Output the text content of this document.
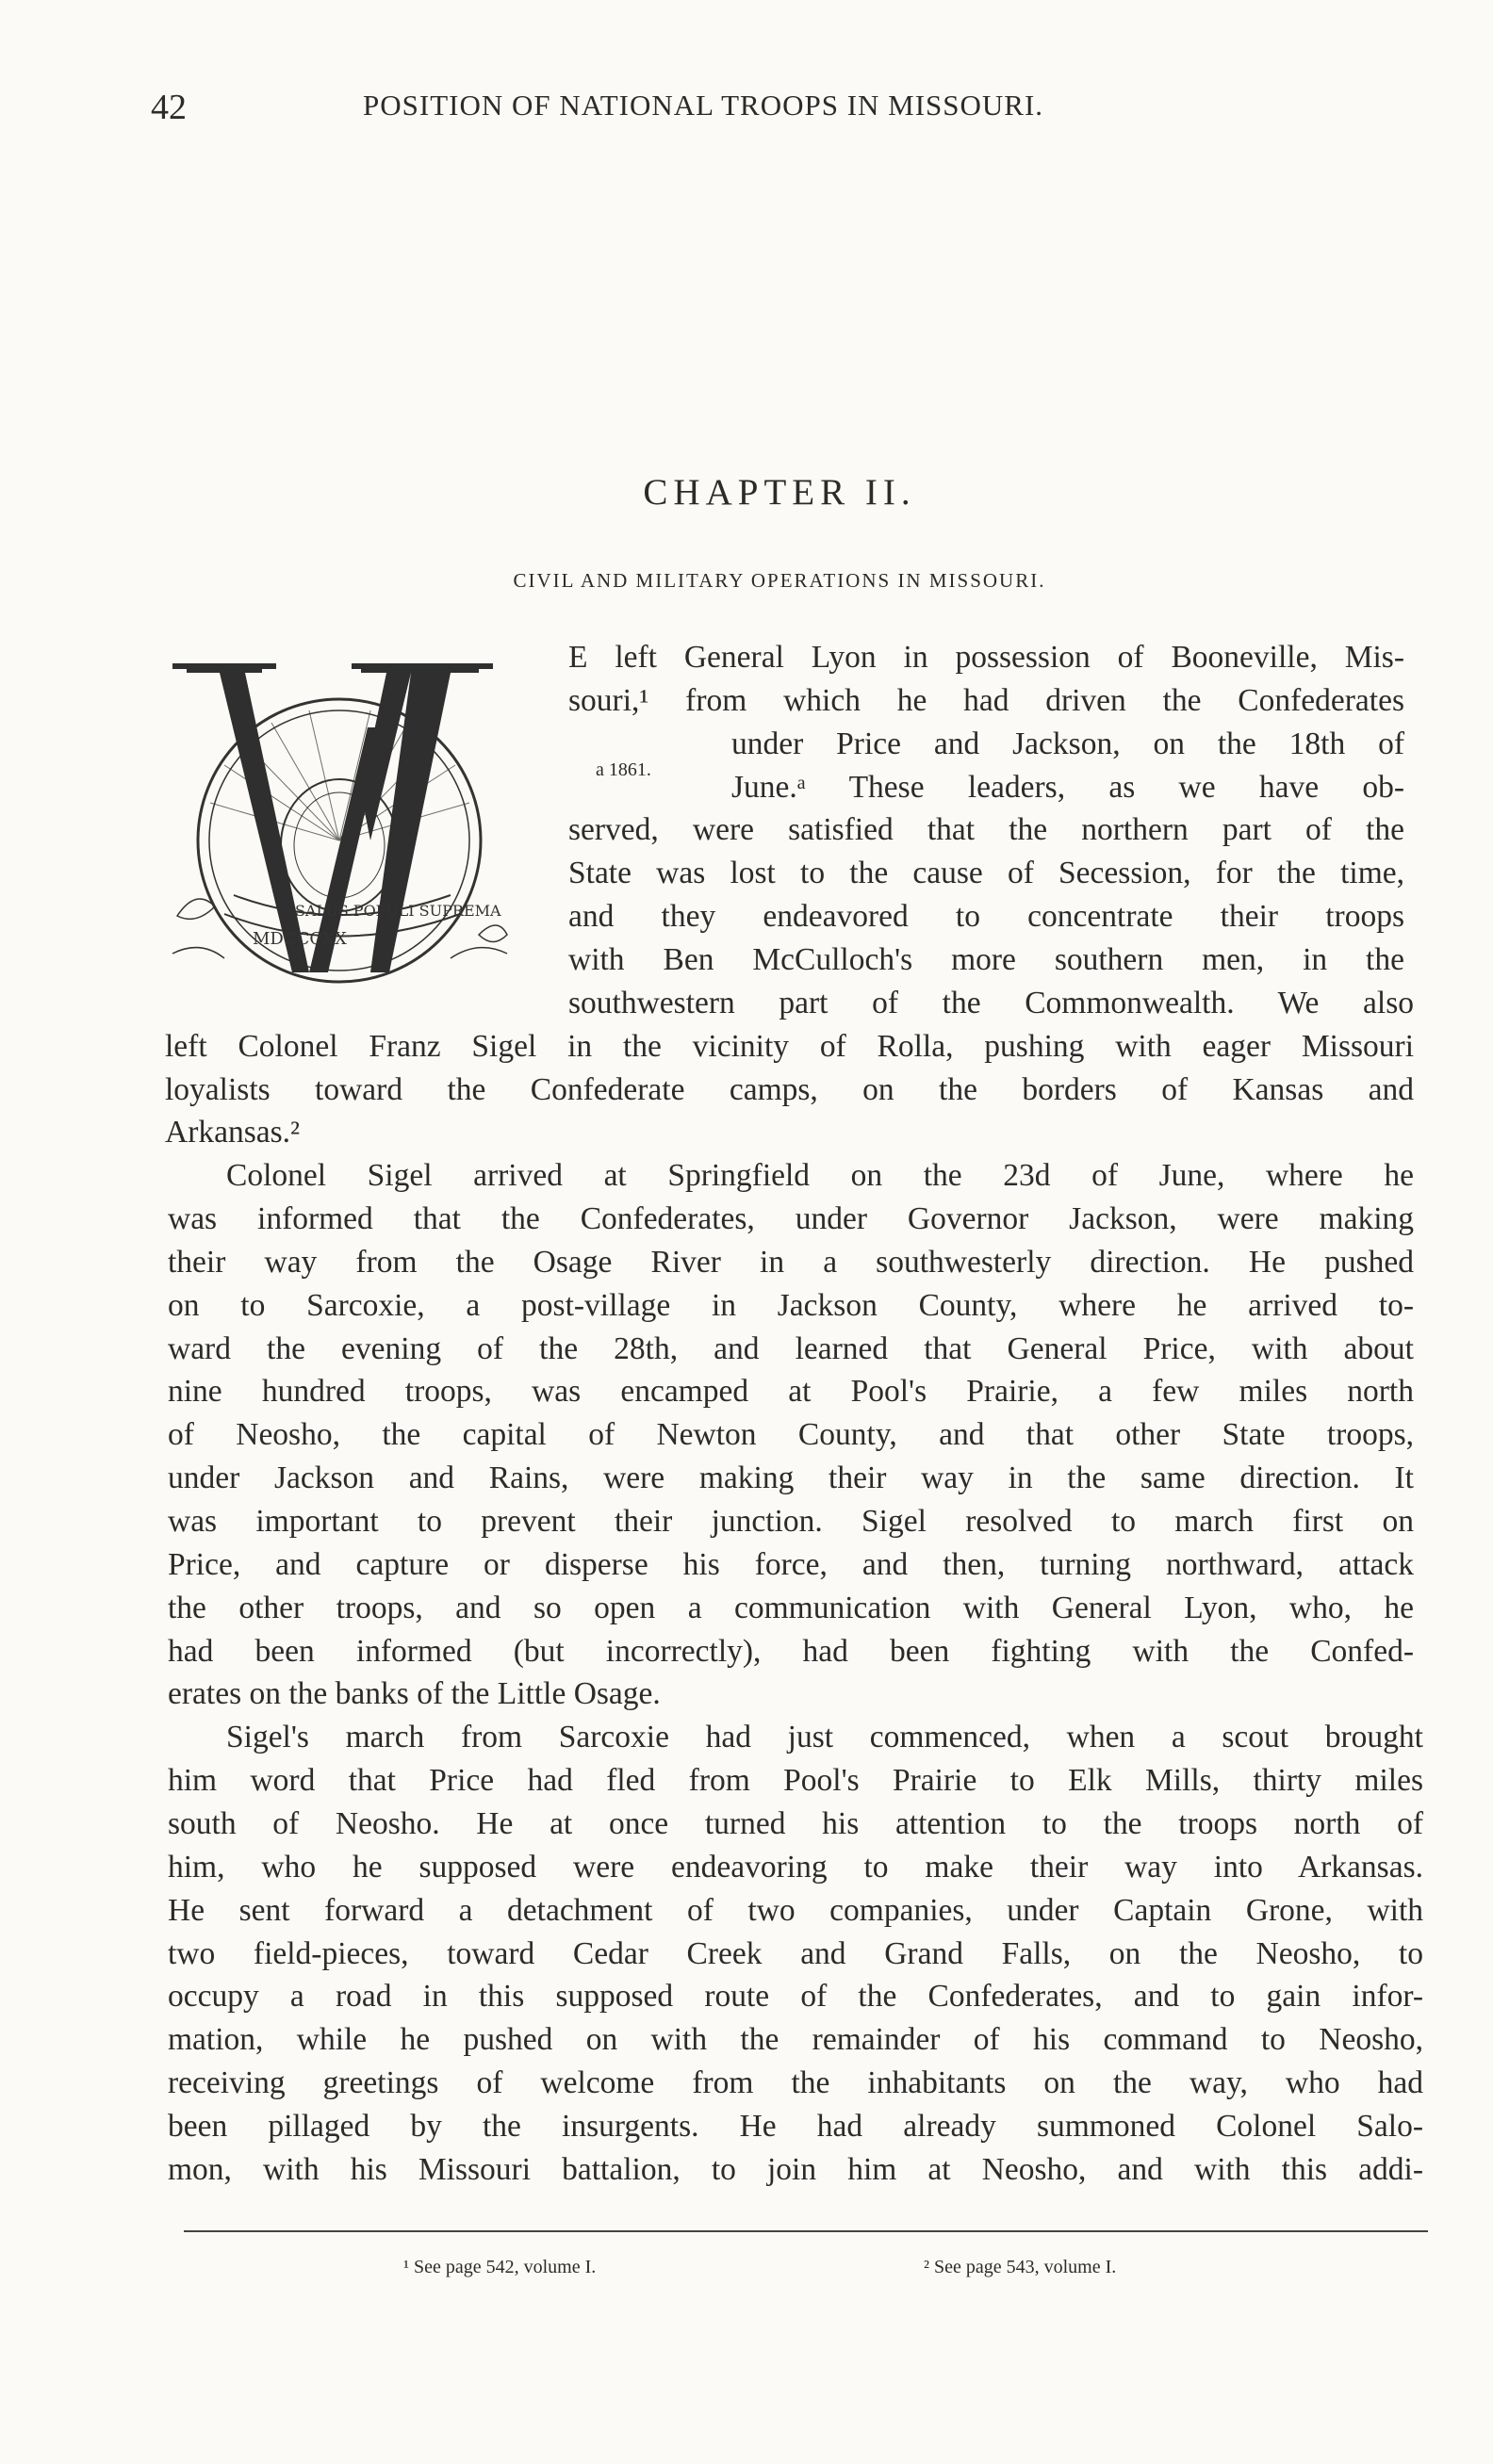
42	POSITION OF NATIONAL TROOPS IN MISSOURI.
CHAPTER II.
CIVIL AND MILITARY OPERATIONS IN MISSOURI.
SALUS POPULI SUPREMA
MDCCCXX
a 1861.
E left General Lyon in possession of Booneville, Mis-
souri,¹ from which he had driven the Confederates
under Price and Jackson, on the 18th of
June.ᵃ These leaders, as we have ob-
served, were satisfied that the northern part of the
State was lost to the cause of Secession, for the time,
and they endeavored to concentrate their troops
with Ben McCulloch's more southern men, in the
southwestern part of the Commonwealth. We also
left Colonel Franz Sigel in the vicinity of Rolla, pushing with eager Missouri
loyalists toward the Confederate camps, on the borders of Kansas and
Arkansas.²
Colonel Sigel arrived at Springfield on the 23d of June, where he
was informed that the Confederates, under Governor Jackson, were making
their way from the Osage River in a southwesterly direction. He pushed
on to Sarcoxie, a post-village in Jackson County, where he arrived to-
ward the evening of the 28th, and learned that General Price, with about
nine hundred troops, was encamped at Pool's Prairie, a few miles north
of Neosho, the capital of Newton County, and that other State troops,
under Jackson and Rains, were making their way in the same direction. It
was important to prevent their junction. Sigel resolved to march first on
Price, and capture or disperse his force, and then, turning northward, attack
the other troops, and so open a communication with General Lyon, who, he
had been informed (but incorrectly), had been fighting with the Confed-
erates on the banks of the Little Osage.
Sigel's march from Sarcoxie had just commenced, when a scout brought
him word that Price had fled from Pool's Prairie to Elk Mills, thirty miles
south of Neosho. He at once turned his attention to the troops north of
him, who he supposed were endeavoring to make their way into Arkansas.
He sent forward a detachment of two companies, under Captain Grone, with
two field-pieces, toward Cedar Creek and Grand Falls, on the Neosho, to
occupy a road in this supposed route of the Confederates, and to gain infor-
mation, while he pushed on with the remainder of his command to Neosho,
receiving greetings of welcome from the inhabitants on the way, who had
been pillaged by the insurgents. He had already summoned Colonel Salo-
mon, with his Missouri battalion, to join him at Neosho, and with this addi-
¹ See page 542, volume I.	² See page 543, volume I.
